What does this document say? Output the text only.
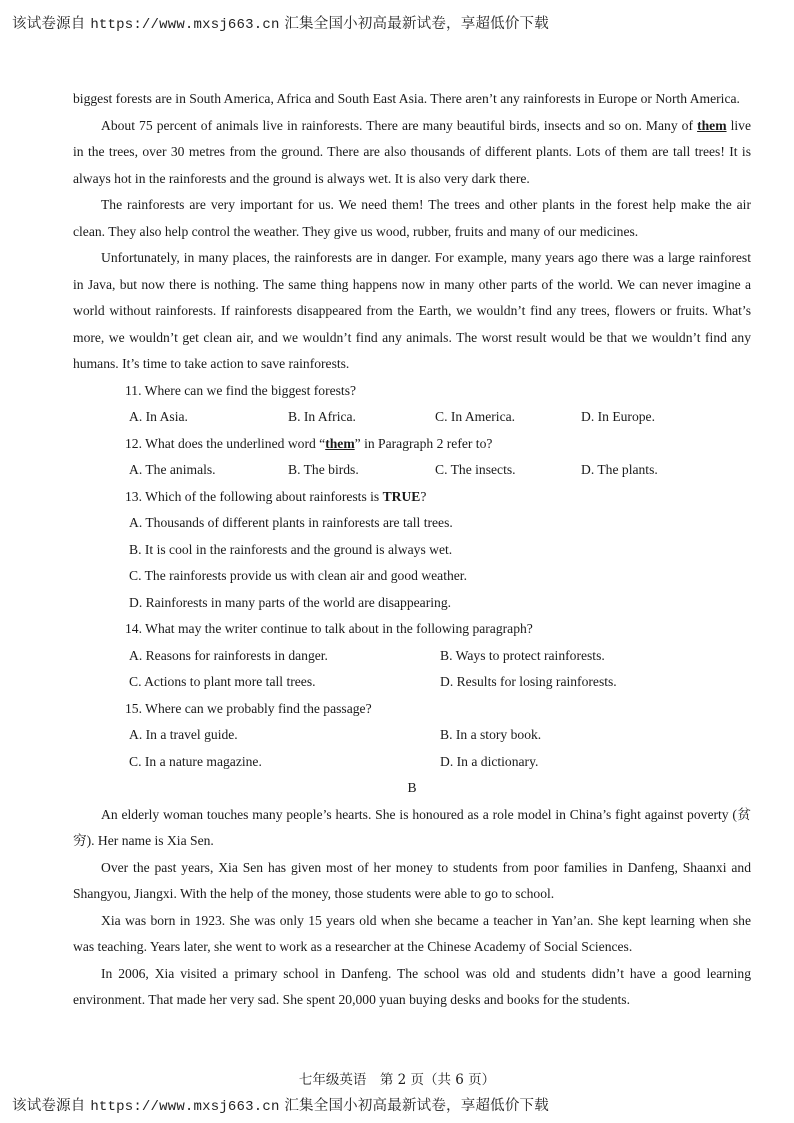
该试卷源自 https://www.mxsj663.cn 汇集全国小初高最新试卷，享超低价下载

biggest forests are in South America, Africa and South East Asia. There aren’t any rainforests in Europe or North America.

About 75 percent of animals live in rainforests. There are many beautiful birds, insects and so on. Many of them live in the trees, over 30 metres from the ground. There are also thousands of different plants. Lots of them are tall trees! It is always hot in the rainforests and the ground is always wet. It is also very dark there.

The rainforests are very important for us. We need them! The trees and other plants in the forest help make the air clean. They also help control the weather. They give us wood, rubber, fruits and many of our medicines.

Unfortunately, in many places, the rainforests are in danger. For example, many years ago there was a large rainforest in Java, but now there is nothing. The same thing happens now in many other parts of the world. We can never imagine a world without rainforests. If rainforests disappeared from the Earth, we wouldn’t find any trees, flowers or fruits. What’s more, we wouldn’t get clean air, and we wouldn’t find any animals. The worst result would be that we wouldn’t find any humans. It’s time to take action to save rainforests.

11. Where can we find the biggest forests?

A. In Asia.	B. In Africa.	C. In America.	D. In Europe.

12. What does the underlined word “them” in Paragraph 2 refer to?

A. The animals.	B. The birds.	C. The insects.	D. The plants.

13. Which of the following about rainforests is TRUE?

A. Thousands of different plants in rainforests are tall trees.

B. It is cool in the rainforests and the ground is always wet.

C. The rainforests provide us with clean air and good weather.

D. Rainforests in many parts of the world are disappearing.

14. What may the writer continue to talk about in the following paragraph?

A. Reasons for rainforests in danger.	B. Ways to protect rainforests.
C. Actions to plant more tall trees.	D. Results for losing rainforests.

15. Where can we probably find the passage?

A. In a travel guide.	B. In a story book.
C. In a nature magazine.	D. In a dictionary.

B

An elderly woman touches many people’s hearts. She is honoured as a role model in China’s fight against poverty (贫穷). Her name is Xia Sen.

Over the past years, Xia Sen has given most of her money to students from poor families in Danfeng, Shaanxi and Shangyou, Jiangxi. With the help of the money, those students were able to go to school.

Xia was born in 1923. She was only 15 years old when she became a teacher in Yan’an. She kept learning when she was teaching. Years later, she went to work as a researcher at the Chinese Academy of Social Sciences.

In 2006, Xia visited a primary school in Danfeng. The school was old and students didn’t have a good learning environment. That made her very sad. She spent 20,000 yuan buying desks and books for the students.

七年级英语　第 2 页（共 6 页）
该试卷源自 https://www.mxsj663.cn 汇集全国小初高最新试卷，享超低价下载
